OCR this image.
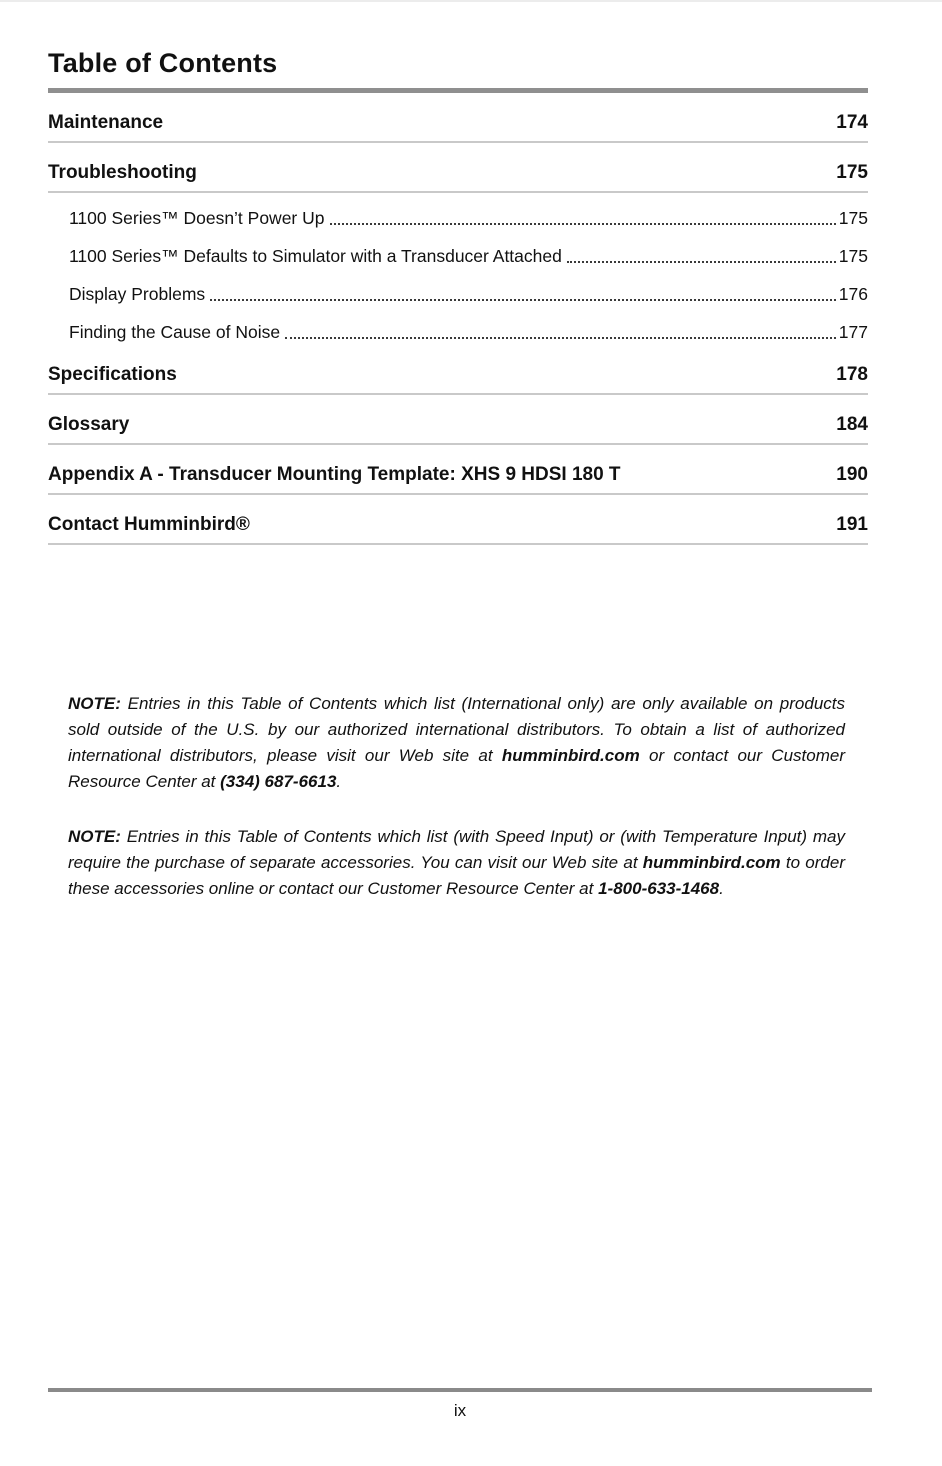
Table of Contents
Maintenance	174
Troubleshooting	175
1100 Series™ Doesn’t Power Up	175
1100 Series™ Defaults to Simulator with a Transducer Attached	175
Display Problems	176
Finding the Cause of Noise	177
Specifications	178
Glossary	184
Appendix A - Transducer Mounting Template: XHS 9 HDSI 180 T	190
Contact Humminbird®	191

NOTE: Entries in this Table of Contents which list (International only) are only available on products sold outside of the U.S. by our authorized international distributors. To obtain a list of authorized international distributors, please visit our Web site at humminbird.com or contact our Customer Resource Center at (334) 687-6613.

NOTE: Entries in this Table of Contents which list (with Speed Input) or (with Temperature Input) may require the purchase of separate accessories. You can visit our Web site at humminbird.com to order these accessories online or contact our Customer Resource Center at 1-800-633-1468.

ix
